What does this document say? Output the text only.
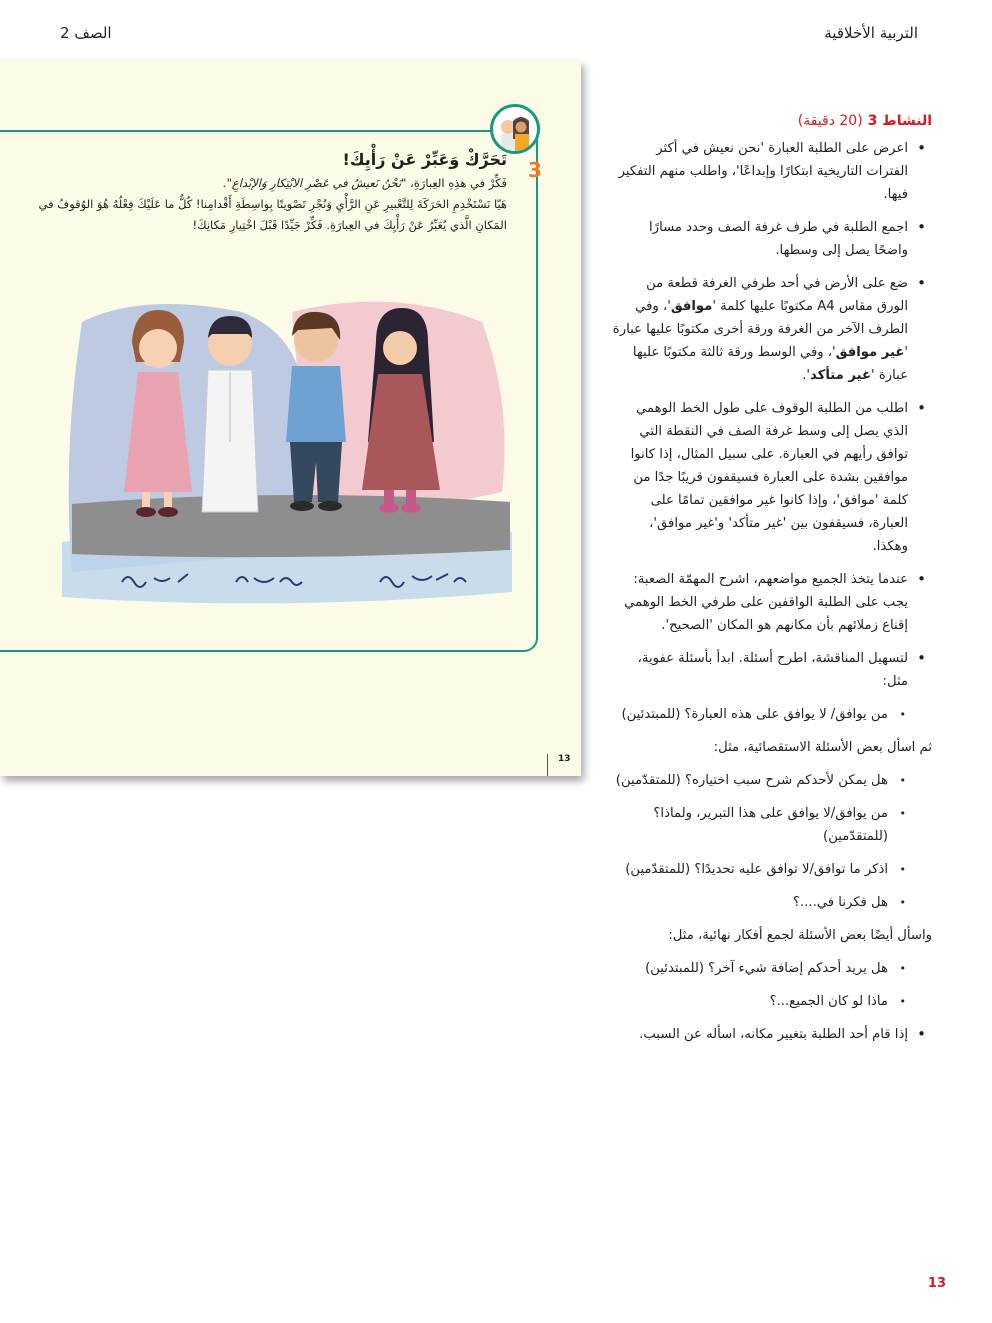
التربية الأخلاقية
الصف 2
3
تَحَرَّكْ وَعَبِّرْ عَنْ رَأْيِكَ!
فَكِّرْ في هذِهِ العِبارَةِ، "نَحْنُ نَعيشُ في عَصْرِ الابْتِكارِ وَالإبْداعِ".
هَيّا نَسْتَخْدِمِ الحَرَكَةَ لِلتَّعْبيرِ عَنِ الرَّأْيِ وَنُجْرِ تَصْويتًا بِواسِطَةِ أَقْدامِنا! كُلُّ ما عَلَيْكَ فِعْلُهُ هُوَ الوُقوفُ في
المَكانِ الَّذي يُعَبِّرُ عَنْ رَأْيِكَ في العِبارَةِ. فَكِّرْ جَيِّدًا قَبْلَ اخْتِيارِ مَكانِكَ!
13
النشاط 3 (20 دقيقة)
• اعرض على الطلبة العبارة 'نحن نعيش في أكثر الفترات التاريخية ابتكارًا وإبداعًا'، واطلب منهم التفكير فيها.
• اجمع الطلبة في طرف غرفة الصف وحدد مسارًا واضحًا يصل إلى وسطها.
• ضع على الأرض في أحد طرفي الغرفة قطعة من الورق مقاس A4 مكتوبًا عليها كلمة 'موافق'، وفي الطرف الآخر من الغرفة ورقة أخرى مكتوبًا عليها عبارة 'غير موافق'، وفي الوسط ورقة ثالثة مكتوبًا عليها عبارة 'غير متأكد'.
• اطلب من الطلبة الوقوف على طول الخط الوهمي الذي يصل إلى وسط غرفة الصف في النقطة التي توافق رأيهم في العبارة. على سبيل المثال، إذا كانوا موافقين بشدة على العبارة فسيقفون قريبًا جدًا من كلمة 'موافق'، وإذا كانوا غير موافقين تمامًا على العبارة، فسيقفون بين 'غير متأكد' و'غير موافق'، وهكذا.
• عندما يتخذ الجميع مواضعهم، اشرح المهمّة الصعبة: يجب على الطلبة الواقفين على طرفي الخط الوهمي إقناع زملائهم بأن مكانهم هو المكان 'الصحيح'.
• لتسهيل المناقشة، اطرح أسئلة. ابدأ بأسئلة عفوية، مثل:
• من يوافق/ لا يوافق على هذه العبارة؟ (للمبتدئين)

ثم اسأل بعض الأسئلة الاستقصائية، مثل:

• هل يمكن لأحدكم شرح سبب اختياره؟ (للمتقدّمين)
• من يوافق/لا يوافق على هذا التبرير، ولماذا؟ (للمتقدّمين)
• اذكر ما توافق/لا توافق عليه تحديدًا؟ (للمتقدّمين)
• هل فكرنا في....؟

واسأل أيضًا بعض الأسئلة لجمع أفكار نهائية، مثل:

• هل يريد أحدكم إضافة شيء آخر؟ (للمبتدئين)
• ماذا لو كان الجميع...؟
• إذا قام أحد الطلبة بتغيير مكانه، اسأله عن السبب.
13
